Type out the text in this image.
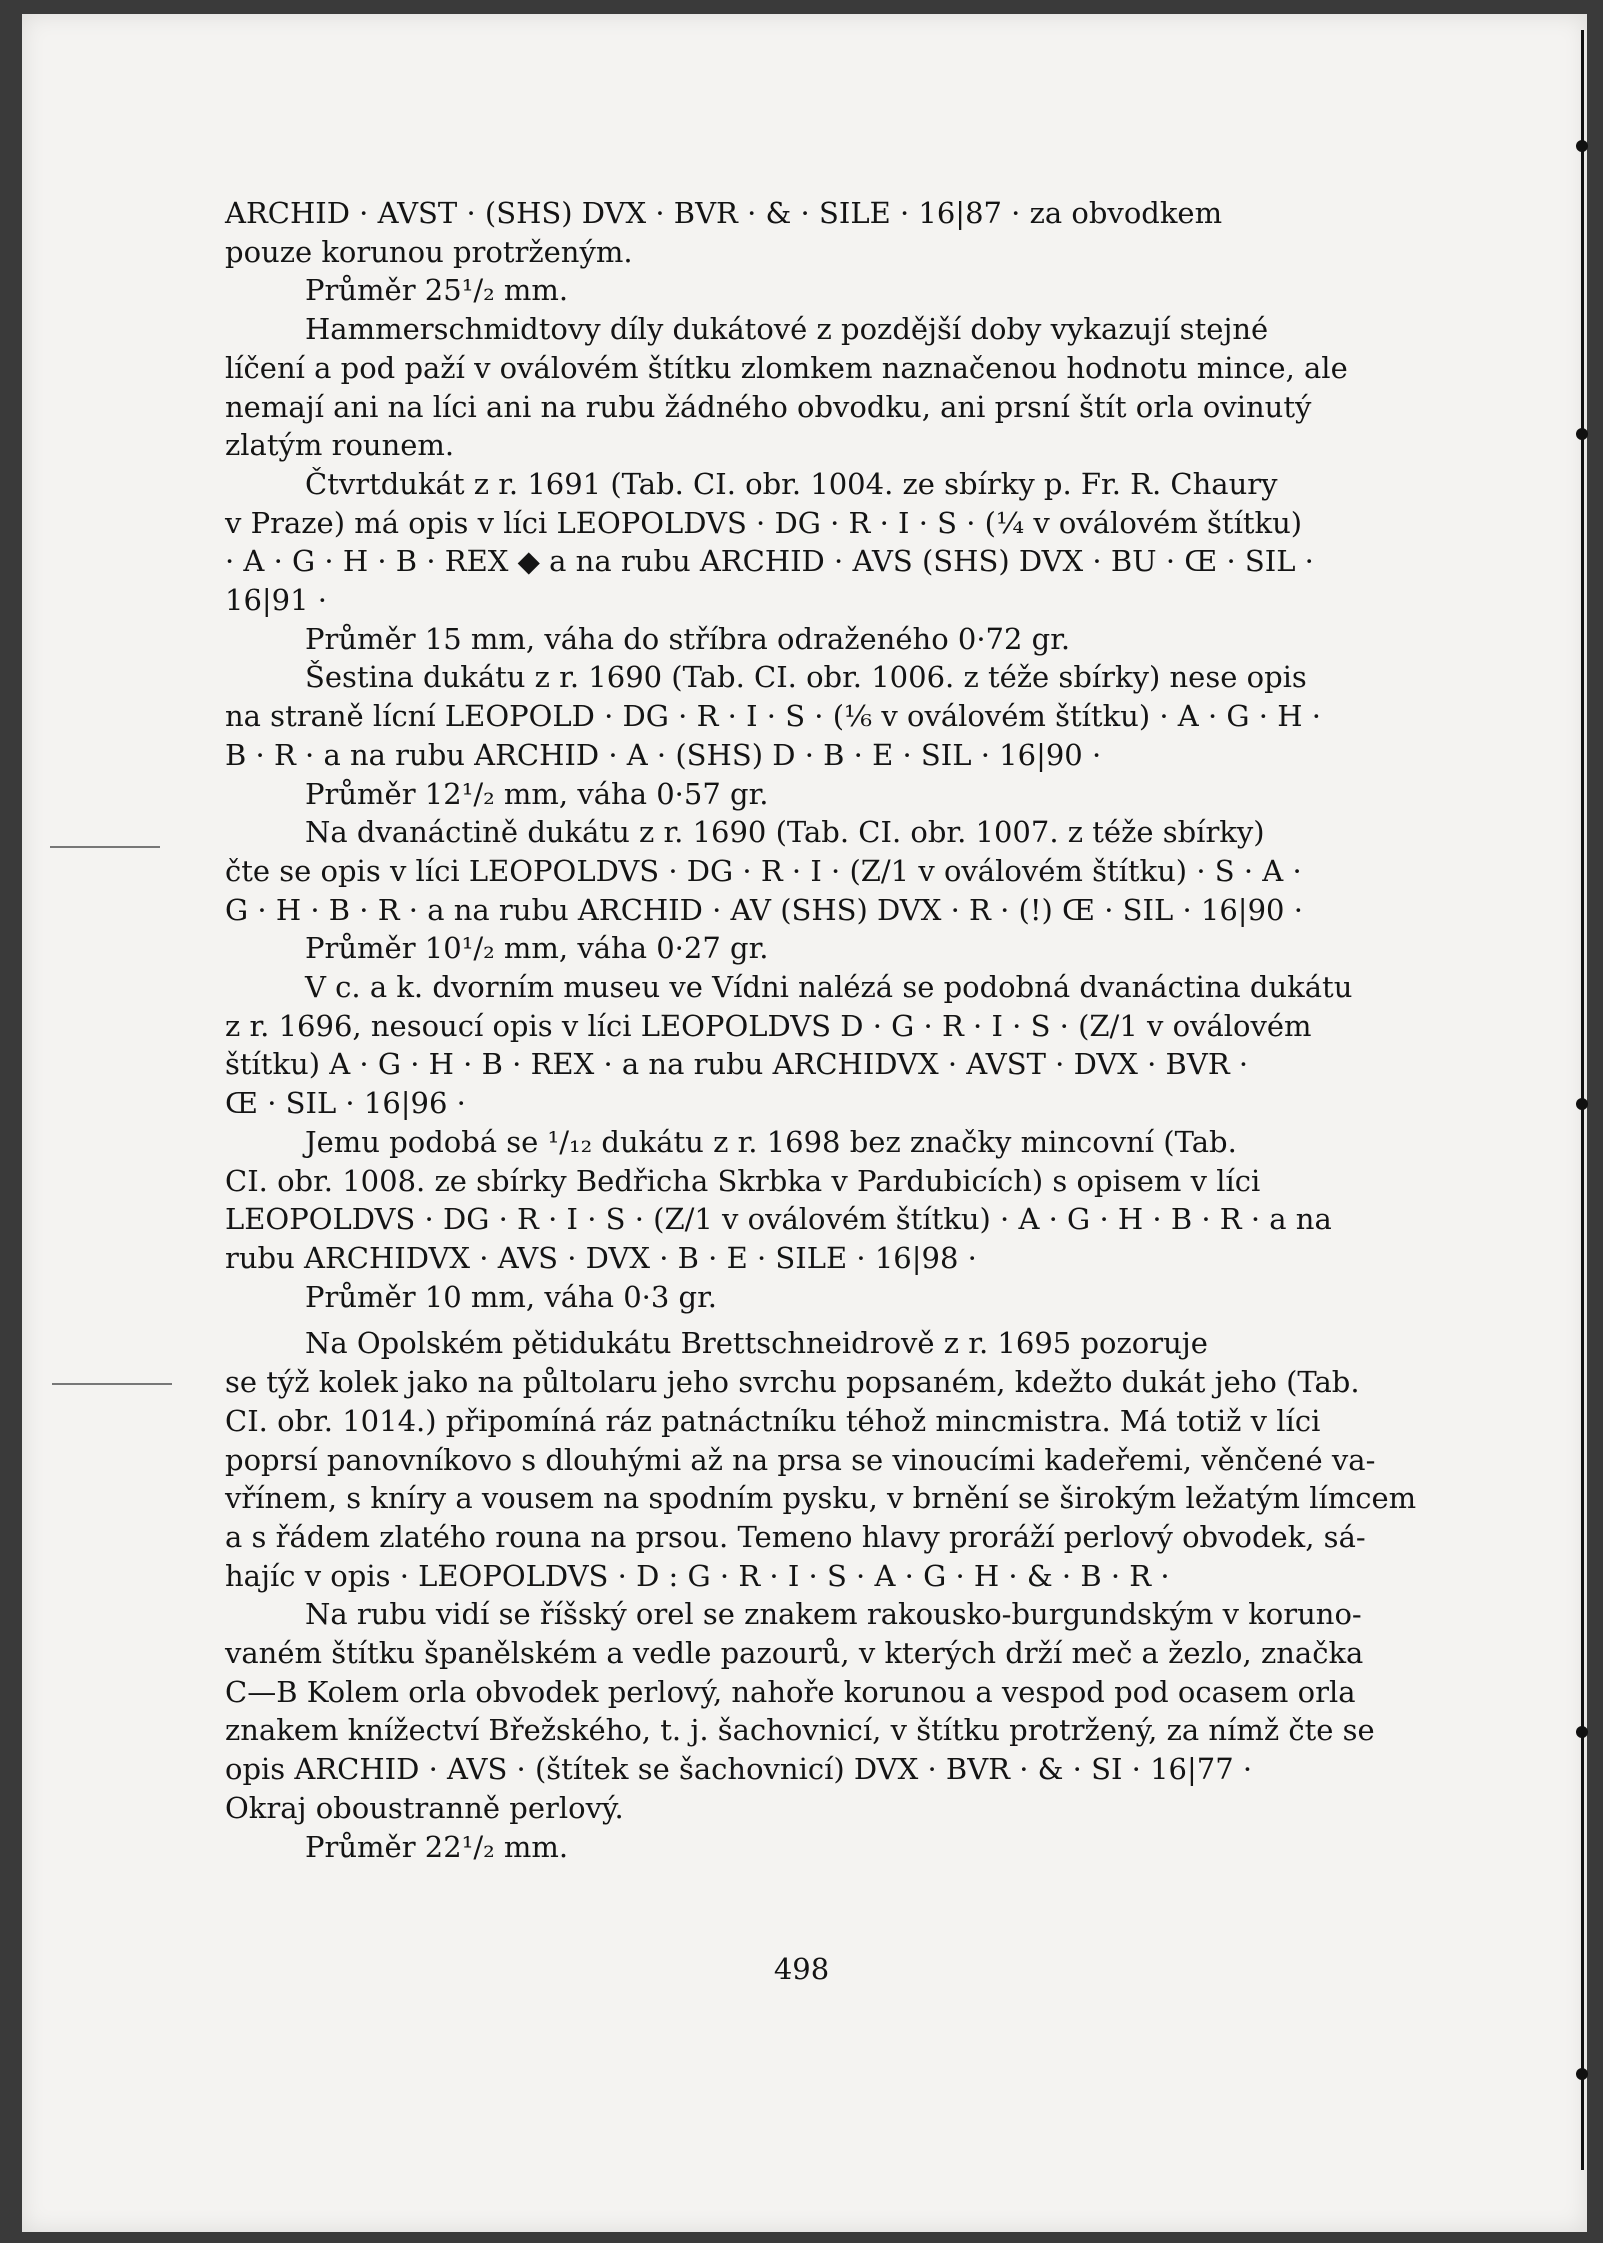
ARCHID · AVST · (SHS) DVX · BVR · & · SILE · 16|87 · za obvodkem

pouze korunou protrženým.

Průměr 25¹/₂ mm.

Hammerschmidtovy díly dukátové z pozdější doby vykazují stejné

líčení a pod paží v oválovém štítku zlomkem naznačenou hodnotu mince, ale

nemají ani na líci ani na rubu žádného obvodku, ani prsní štít orla ovinutý

zlatým rounem.

Čtvrtdukát z r. 1691 (Tab. CI. obr. 1004. ze sbírky p. Fr. R. Chaury

v Praze) má opis v líci LEOPOLDVS · DG · R · I · S · (¼ v oválovém štítku)

· A · G · H · B · REX ◆ a na rubu ARCHID · AVS (SHS) DVX · BU · Œ · SIL ·

16|91 ·

Průměr 15 mm, váha do stříbra odraženého 0·72 gr.

Šestina dukátu z r. 1690 (Tab. CI. obr. 1006. z téže sbírky) nese opis

na straně lícní LEOPOLD · DG · R · I · S · (⅙ v oválovém štítku) · A · G · H ·

B · R · a na rubu ARCHID · A · (SHS) D · B · E · SIL · 16|90 ·

Průměr 12¹/₂ mm, váha 0·57 gr.

Na dvanáctině dukátu z r. 1690 (Tab. CI. obr. 1007. z téže sbírky)

čte se opis v líci LEOPOLDVS · DG · R · I · (Z/1 v oválovém štítku) · S · A ·

G · H · B · R · a na rubu ARCHID · AV (SHS) DVX · R · (!) Œ · SIL · 16|90 ·

Průměr 10¹/₂ mm, váha 0·27 gr.

V c. a k. dvorním museu ve Vídni nalézá se podobná dvanáctina dukátu

z r. 1696, nesoucí opis v líci LEOPOLDVS D · G · R · I · S · (Z/1 v oválovém

štítku) A · G · H · B · REX · a na rubu ARCHIDVX · AVST · DVX · BVR ·

Œ · SIL · 16|96 ·

Jemu podobá se ¹/₁₂ dukátu z r. 1698 bez značky mincovní (Tab.

CI. obr. 1008. ze sbírky Bedřicha Skrbka v Pardubicích) s opisem v líci

LEOPOLDVS · DG · R · I · S · (Z/1 v oválovém štítku) · A · G · H · B · R · a na

rubu ARCHIDVX · AVS · DVX · B · E · SILE · 16|98 ·

Průměr 10 mm, váha 0·3 gr.

Na Opolském pětidukátu Brettschneidrově z r. 1695 pozoruje

se týž kolek jako na půltolaru jeho svrchu popsaném, kdežto dukát jeho (Tab.

CI. obr. 1014.) připomíná ráz patnáctníku téhož mincmistra. Má totiž v líci

poprsí panovníkovo s dlouhými až na prsa se vinoucími kadeřemi, věnčené va-

vřínem, s kníry a vousem na spodním pysku, v brnění se širokým ležatým límcem

a s řádem zlatého rouna na prsou. Temeno hlavy proráží perlový obvodek, sá-

hajíc v opis · LEOPOLDVS · D : G · R · I · S · A · G · H · & · B · R ·

Na rubu vidí se říšský orel se znakem rakousko-burgundským v koruno-

vaném štítku španělském a vedle pazourů, v kterých drží meč a žezlo, značka

C—B Kolem orla obvodek perlový, nahoře korunou a vespod pod ocasem orla

znakem knížectví Břežského, t. j. šachovnicí, v štítku protržený, za nímž čte se

opis ARCHID · AVS · (štítek se šachovnicí) DVX · BVR · & · SI · 16|77 ·

Okraj oboustranně perlový.

Průměr 22¹/₂ mm.

498
